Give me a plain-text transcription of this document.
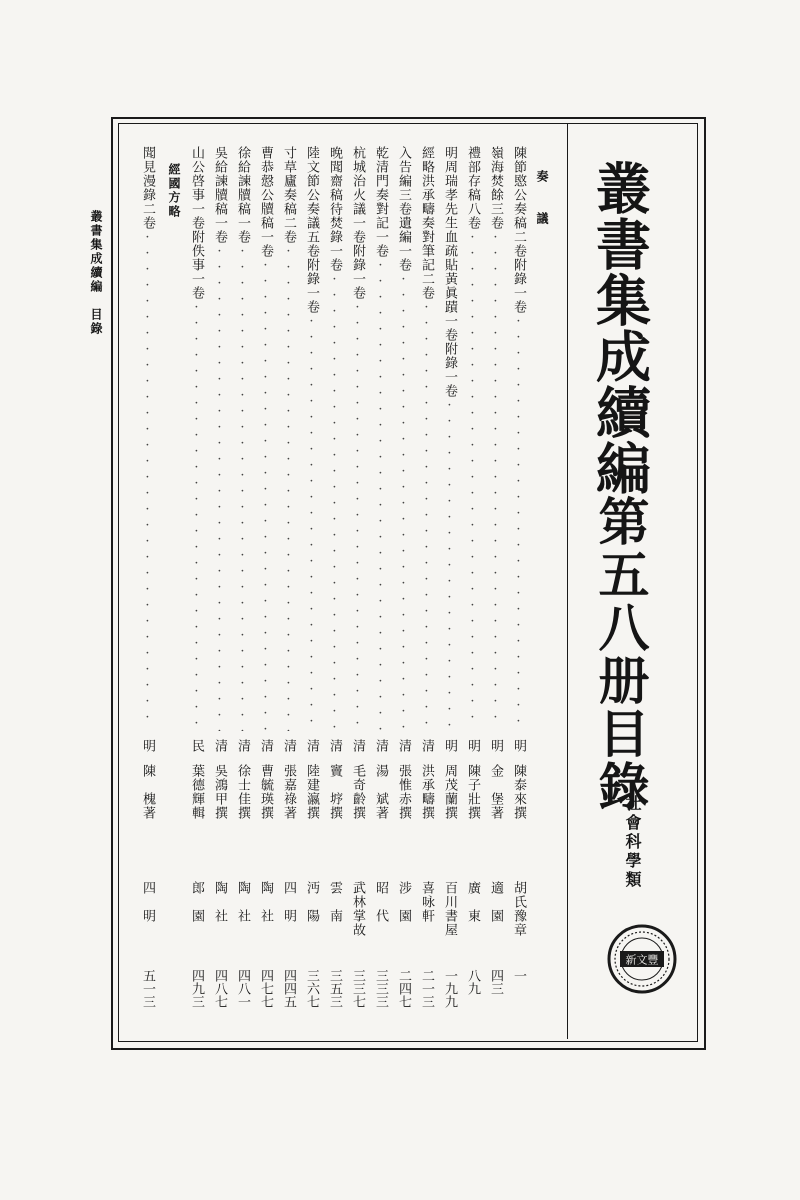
叢書集成續編　目錄	叢書集成續編
第五八册目錄
社會科學類
新文豐
奏　議
經國方略	陳節愍公奏稿二卷附錄一卷 ·····
明
陳泰來撰
胡氏豫章
一
嶺海焚餘三卷 ·····
明
金　堡著
適　園
四三
禮部存稿八卷 ·····
明
陳子壯撰
廣　東
八九
明周瑞孝先生血疏貼黃眞蹟一卷附錄一卷 ·····
明
周茂蘭撰
百川書屋
一九九
經略洪承疇奏對筆記二卷 ·····
清
洪承疇撰
喜咏軒
二一三
入告編三卷遺編一卷 ·····
清
張惟赤撰
涉　園
二四七
乾清門奏對記一卷 ·····
清
湯　斌著
昭　代
三三三
杭城治火議一卷附錄一卷 ·····
清
毛奇齡撰
武林掌故
三三七
晚聞齋稿待焚錄一卷 ·····
清
竇　垿撰
雲　南
三五三
陸文節公奏議五卷附錄一卷 ·····
清
陸建瀛撰
沔　陽
三六七
寸草廬奏稿二卷 ·····
清
張嘉祿著
四　明
四四五
曹恭慤公牘稿一卷 ·····
清
曹毓瑛撰
陶　社
四七七
徐給諫牘稿一卷 ·····
清
徐士佳撰
陶　社
四八一
吳給諫牘稿一卷 ·····
清
吳鴻甲撰
陶　社
四八七
山公啓事一卷附佚事一卷 ·····
民
葉德輝輯
郎　園
四九三
聞見漫錄二卷 ·····
明
陳　槐著
四　明
五一三
